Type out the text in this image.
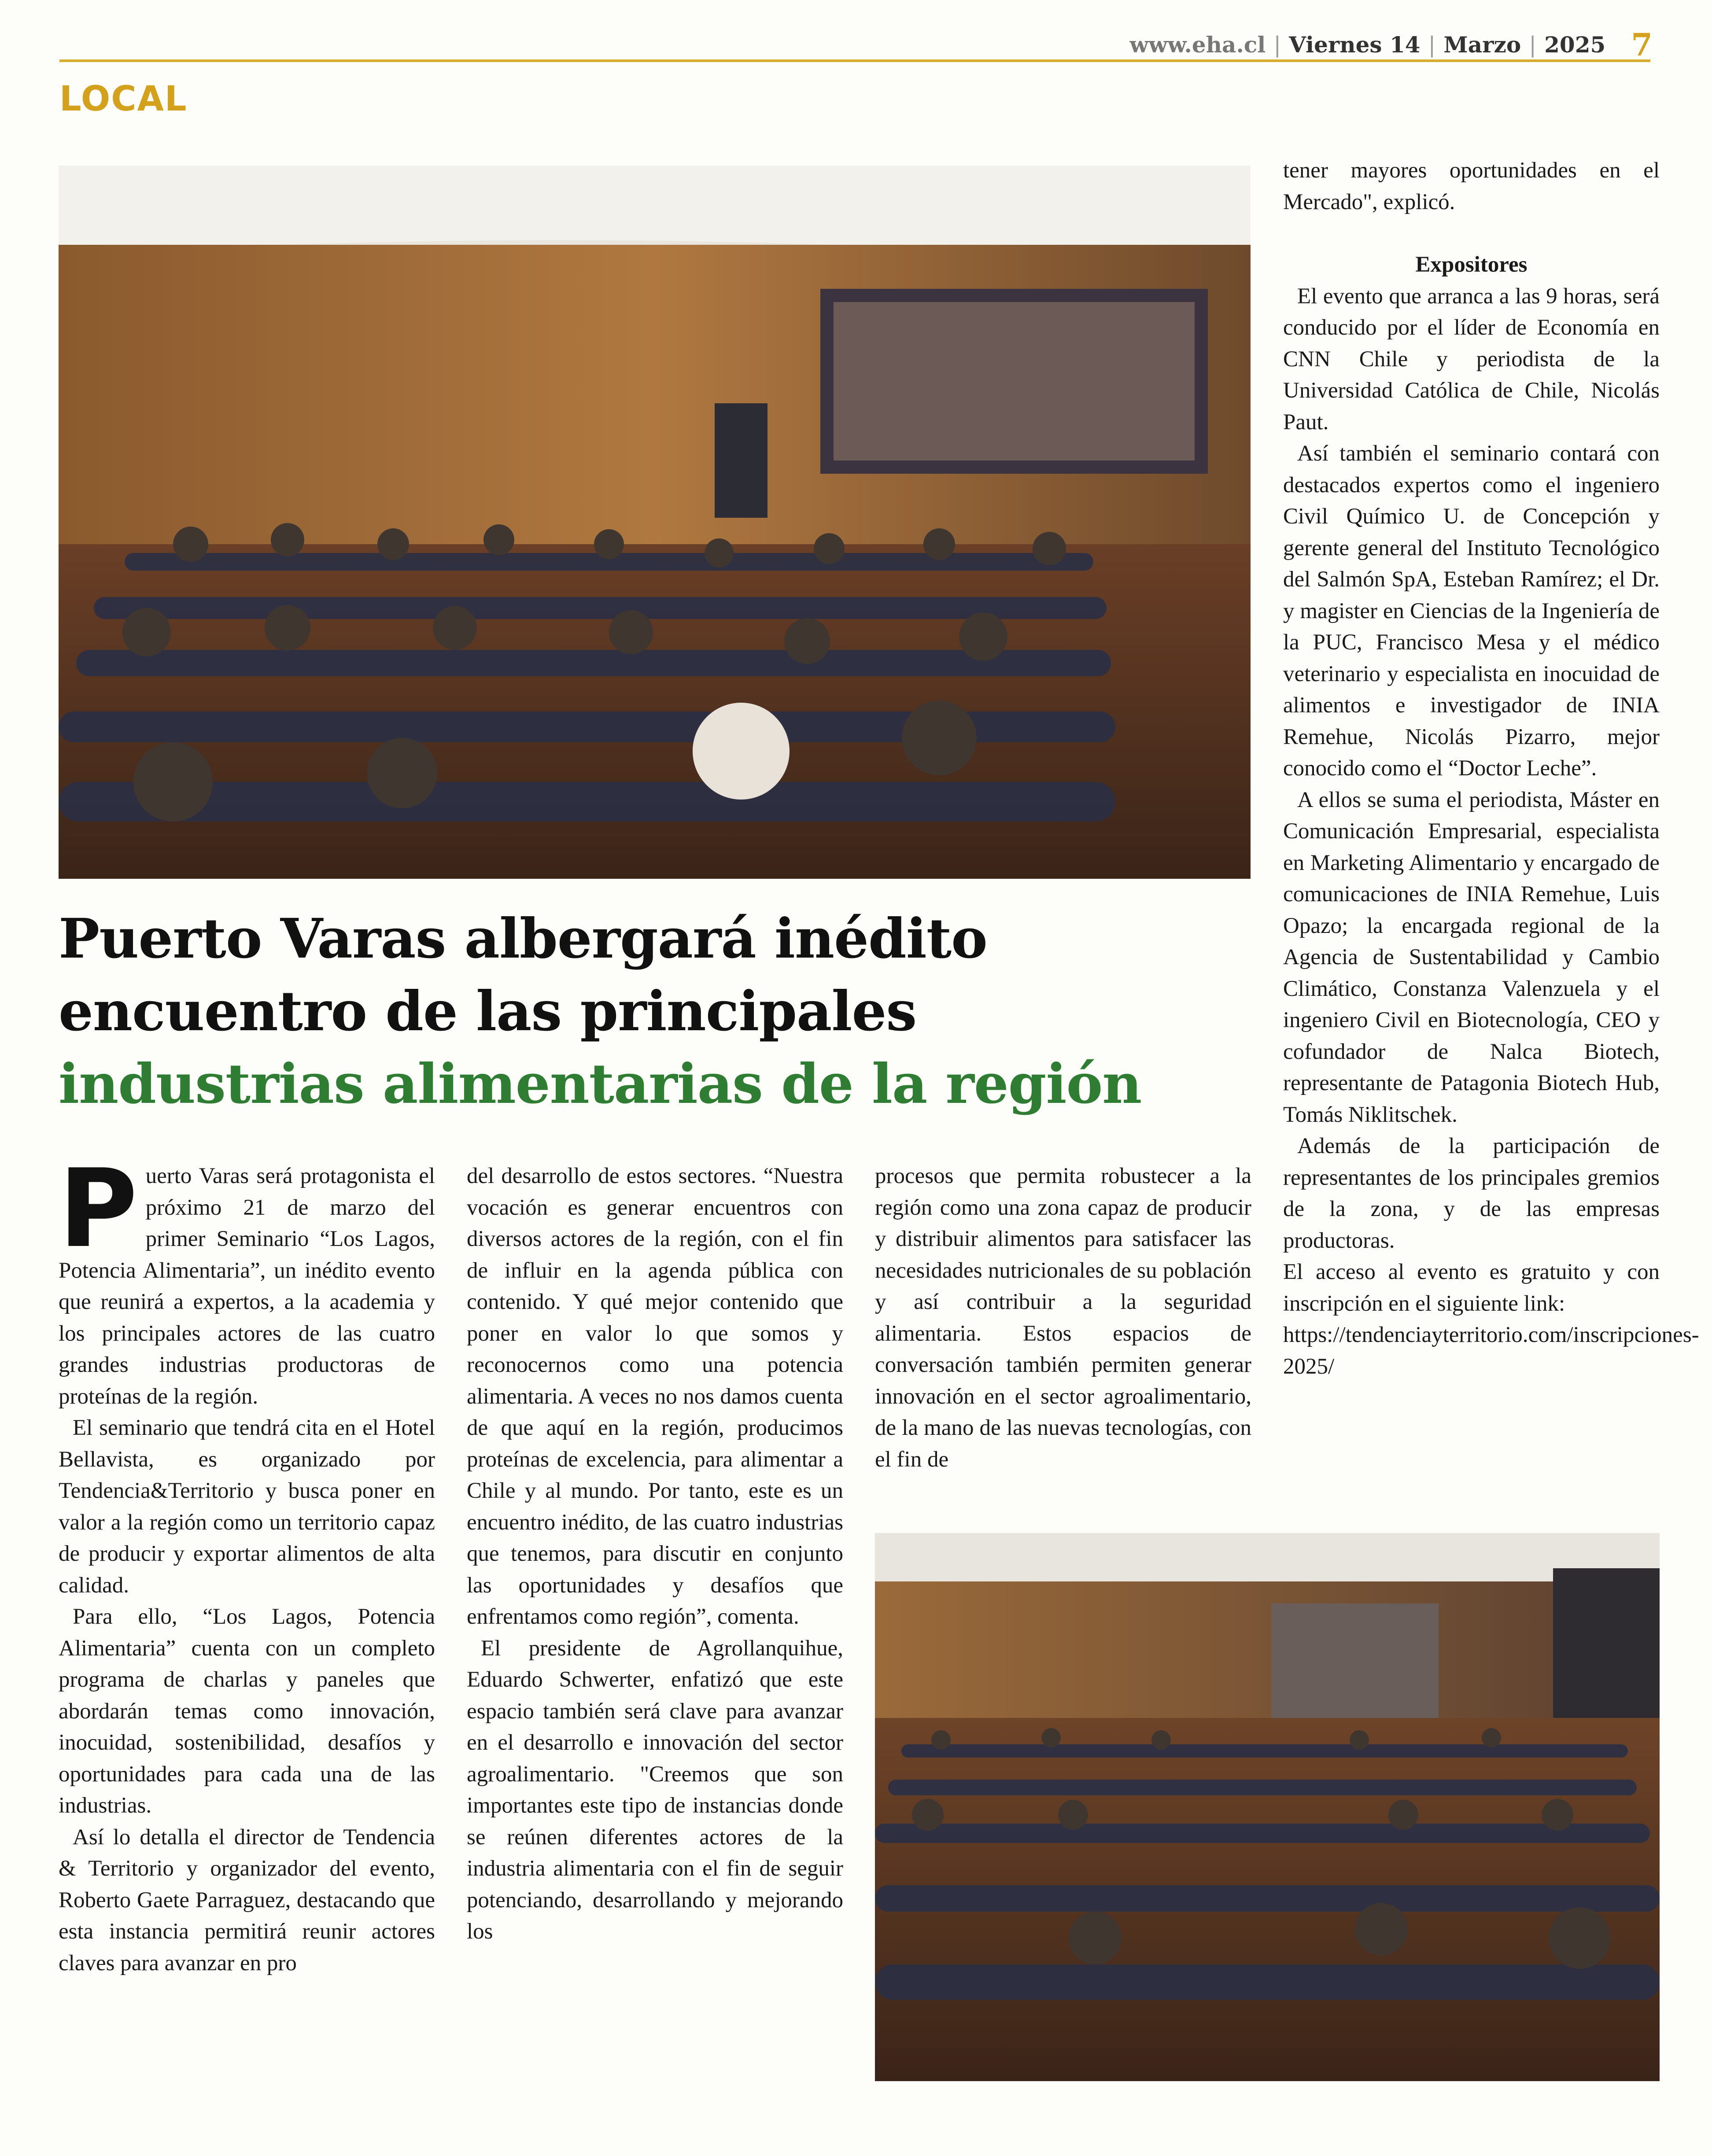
www.eha.cl | Viernes 14 | Marzo | 2025 7
LOCAL
Puerto Varas albergará inédito
encuentro de las principales
industrias alimentarias de la región
P uerto Varas será protagonista el próximo 21 de marzo del primer Seminario “Los Lagos, Potencia Alimentaria”, un inédito evento que reunirá a expertos, a la academia y los principales actores de las cuatro grandes industrias productoras de proteínas de la región.

El seminario que tendrá cita en el Hotel Bellavista, es organizado por Tendencia&Territorio y busca poner en valor a la región como un territorio capaz de producir y exportar alimentos de alta calidad.

Para ello, “Los Lagos, Potencia Alimentaria” cuenta con un completo programa de charlas y paneles que abordarán temas como innovación, inocuidad, sostenibilidad, desafíos y oportunidades para cada una de las industrias.

Así lo detalla el director de Tendencia & Territorio y organizador del evento, Roberto Gaete Parraguez, destacando que esta instancia permitirá reunir actores claves para avanzar en pro

del desarrollo de estos sectores. “Nuestra vocación es generar encuentros con diversos actores de la región, con el fin de influir en la agenda pública con contenido. Y qué mejor contenido que poner en valor lo que somos y reconocernos como una potencia alimentaria. A veces no nos damos cuenta de que aquí en la región, producimos proteínas de excelencia, para alimentar a Chile y al mundo. Por tanto, este es un encuentro inédito, de las cuatro industrias que tenemos, para discutir en conjunto las oportunidades y desafíos que enfrentamos como región”, comenta.

El presidente de Agrollanquihue, Eduardo Schwerter, enfatizó que este espacio también será clave para avanzar en el desarrollo e innovación del sector agroalimentario. "Creemos que son importantes este tipo de instancias donde se reúnen diferentes actores de la industria alimentaria con el fin de seguir potenciando, desarrollando y mejorando los

procesos que permita robustecer a la región como una zona capaz de producir y distribuir alimentos para satisfacer las necesidades nutricionales de su población y así contribuir a la seguridad alimentaria. Estos espacios de conversación también permiten generar innovación en el sector agroalimentario, de la mano de las nuevas tecnologías, con el fin de

tener mayores oportunidades en el Mercado", explicó.

Expositores

El evento que arranca a las 9 horas, será conducido por el líder de Economía en CNN Chile y periodista de la Universidad Católica de Chile, Nicolás Paut.

Así también el seminario contará con destacados expertos como el ingeniero Civil Químico U. de Concepción y gerente general del Instituto Tecnológico del Salmón SpA, Esteban Ramírez; el Dr. y magister en Ciencias de la Ingeniería de la PUC, Francisco Mesa y el médico veterinario y especialista en inocuidad de alimentos e investigador de INIA Remehue, Nicolás Pizarro, mejor conocido como el “Doctor Leche”.

A ellos se suma el periodista, Máster en Comunicación Empresarial, especialista en Marketing Alimentario y encargado de comunicaciones de INIA Remehue, Luis Opazo; la encargada regional de la Agencia de Sustentabilidad y Cambio Climático, Constanza Valenzuela y el ingeniero Civil en Biotecnología, CEO y cofundador de Nalca Biotech, representante de Patagonia Biotech Hub, Tomás Niklitschek.

Además de la participación de representantes de los principales gremios de la zona, y de las empresas productoras.

El acceso al evento es gratuito y con inscripción en el siguiente link:

https://tendenciayterritorio.com/inscripciones-2025/
